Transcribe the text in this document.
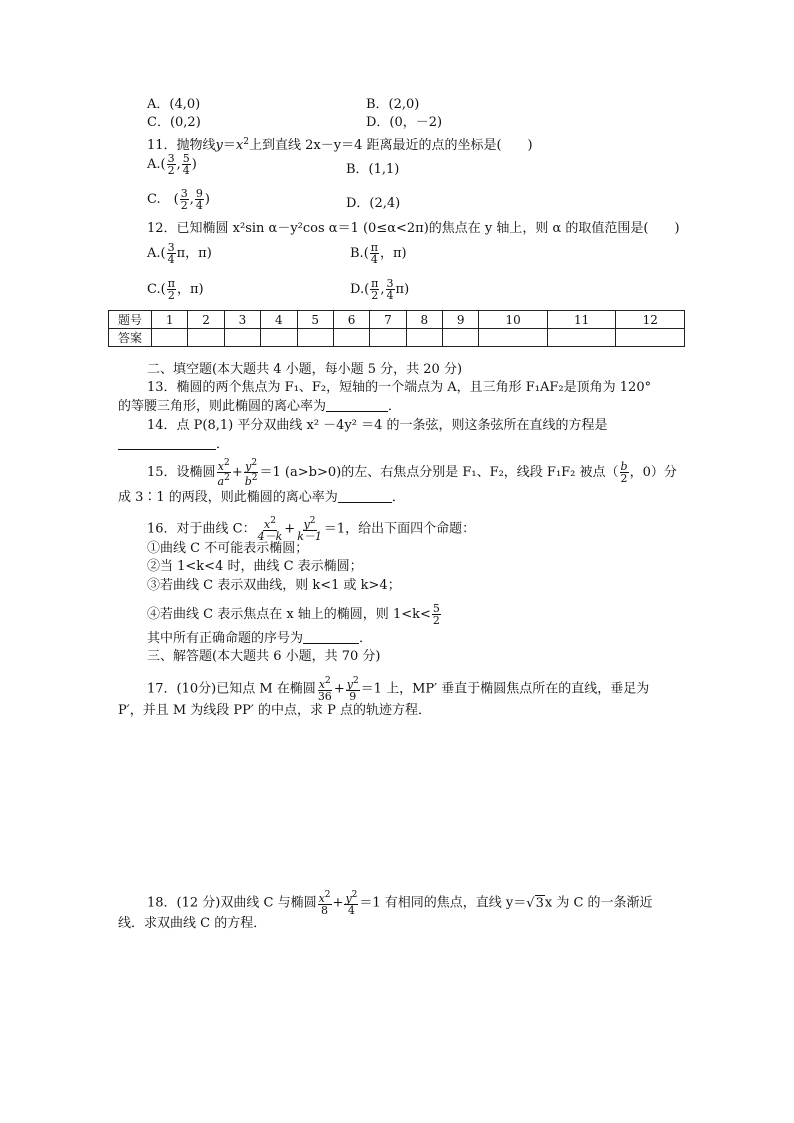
A．(4,0)	B．(2,0)
C．(0,2)	D．(0，－2)
11．抛物线$y=x^2$上到直线 2x－y＝4 距离最近的点的坐标是(　　)
$A.( \frac{3}{2}$ , $\frac{5}{4}$ )	B．(1,1)
C.　( $\frac{3}{2}$ , $\frac{9}{4}$ )	D．(2,4)
12．已知椭圆 x²sin α－y²cos α＝1 (0≤α<2π)的焦点在 y 轴上，则 α 的取值范围是(　　)
$A.( \frac{3}{4}$ π，π)	$B.( \frac{\pi}{4}$ ，π)
$C.( \frac{\pi}{2}$ ，π)	$D.( \frac{\pi}{2}$ , $\frac{3}{4} \pi$)
题号	1	2	3	4	5	6	7	8	9	10	11	12
答案												
二、填空题(本大题共 4 小题，每小题 5 分，共 20 分)
13．椭圆的两个焦点为 F₁、F₂，短轴的一个端点为 A，且三角形 F₁AF₂是顶角为 120°
的等腰三角形，则此椭圆的离心率为	．
14．点 P(8,1) 平分双曲线 x² －4y² ＝4 的一条弦，则这条弦所在直线的方程是
．
15．设椭圆 $\frac{x^2}{a^2} + \frac{y^2}{b^2} =1$ (a>b>0)的左、右焦点分别是 F₁、F₂，线段 F₁F₂ 被点（ $\frac{b}{2}$ ，0）分
成 3∶1 的两段，则此椭圆的离心率为	．
16．对于曲线 C： $\frac{x^2}{4-k} + \frac{y^2}{k-1} =1$，给出下面四个命题：
①曲线 C 不可能表示椭圆；
②当 1<k<4 时，曲线 C 表示椭圆；
③若曲线 C 表示双曲线，则 k<1 或 k>4；
④若曲线 C 表示焦点在 x 轴上的椭圆，则 $1<k< \frac{5}{2}$
其中所有正确命题的序号为	．
三、解答题(本大题共 6 小题，共 70 分)
17．(10分)已知点 M 在椭圆 $\frac{x^2}{36} + \frac{y^2}{9} =1$ 上，MP′ 垂直于椭圆焦点所在的直线，垂足为
P′，并且 M 为线段 PP′ 的中点，求 P 点的轨迹方程．
18．(12 分)双曲线 C 与椭圆 $\frac{x^2}{8} + \frac{y^2}{4} =1$ 有相同的焦点，直线 y＝√3x 为 C 的一条渐近
线．求双曲线 C 的方程．
